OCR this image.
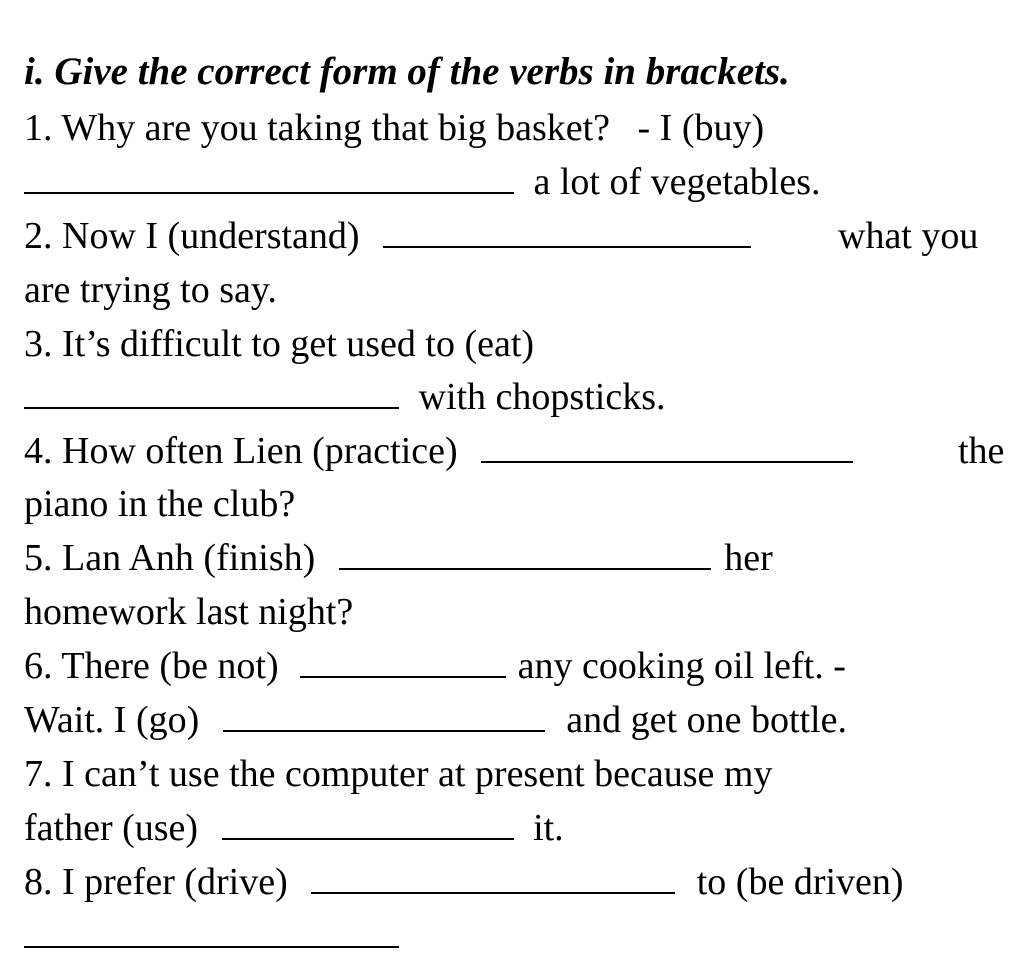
i. Give the correct form of the verbs in brackets.
1. Why are you taking that big basket? - I (buy)
a lot of vegetables.
2. Now I (understand)	what you
are trying to say.
3. It’s difficult to get used to (eat)
with chopsticks.
4. How often Lien (practice)	the
piano in the club?
5. Lan Anh (finish)	her
homework last night?
6. There (be not)	any cooking oil left. -
Wait. I (go)	and get one bottle.
7. I can’t use the computer at present because my
father (use)	it.
8. I prefer (drive)	to (be driven)
